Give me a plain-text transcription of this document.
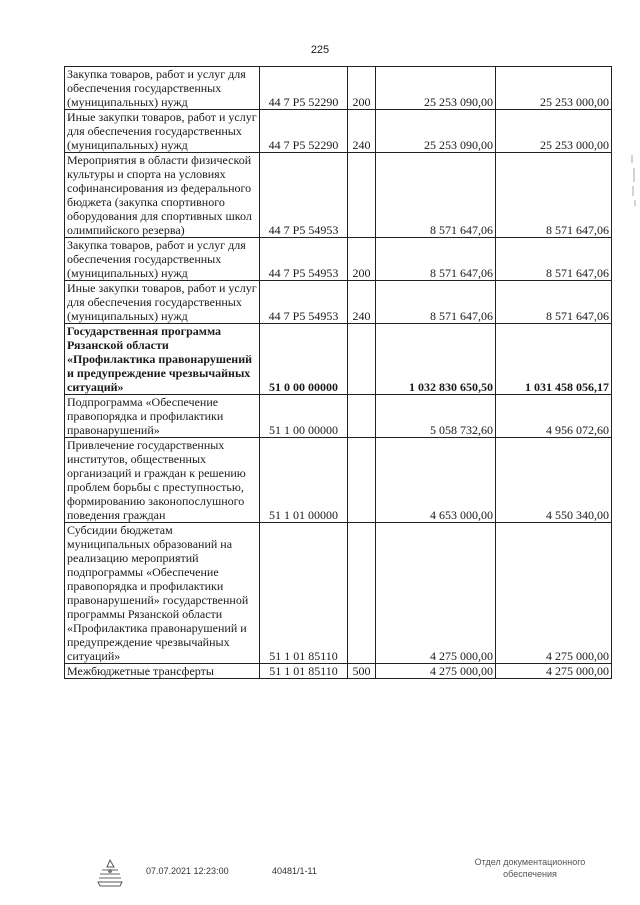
225
Закупка товаров, работ и услуг для обеспечения государственных (муниципальных) нужд	44 7 P5 52290	200	25 253 090,00	25 253 000,00
Иные закупки товаров, работ и услуг для обеспечения государственных (муниципальных) нужд	44 7 P5 52290	240	25 253 090,00	25 253 000,00
Мероприятия в области физической культуры и спорта на условиях софинансирования из федерального бюджета (закупка спортивного оборудования для спортивных школ олимпийского резерва)	44 7 P5 54953		8 571 647,06	8 571 647,06
Закупка товаров, работ и услуг для обеспечения государственных (муниципальных) нужд	44 7 P5 54953	200	8 571 647,06	8 571 647,06
Иные закупки товаров, работ и услуг для обеспечения государственных (муниципальных) нужд	44 7 P5 54953	240	8 571 647,06	8 571 647,06
Государственная программа Рязанской области «Профилактика правонарушений и предупреждение чрезвычайных ситуаций»	51 0 00 00000		1 032 830 650,50	1 031 458 056,17
Подпрограмма «Обеспечение правопорядка и профилактики правонарушений»	51 1 00 00000		5 058 732,60	4 956 072,60
Привлечение государственных институтов, общественных организаций и граждан к решению проблем борьбы с преступностью, формированию законопослушного поведения граждан	51 1 01 00000		4 653 000,00	4 550 340,00
Субсидии бюджетам муниципальных образований на реализацию мероприятий подпрограммы «Обеспечение правопорядка и профилактики правонарушений» государственной программы Рязанской области «Профилактика правонарушений и предупреждение чрезвычайных ситуаций»	51 1 01 85110		4 275 000,00	4 275 000,00
Межбюджетные трансферты	51 1 01 85110	500	4 275 000,00	4 275 000,00
07.07.2021 12:23:00	40481/1-11
Отдел документационного
обеспечения
